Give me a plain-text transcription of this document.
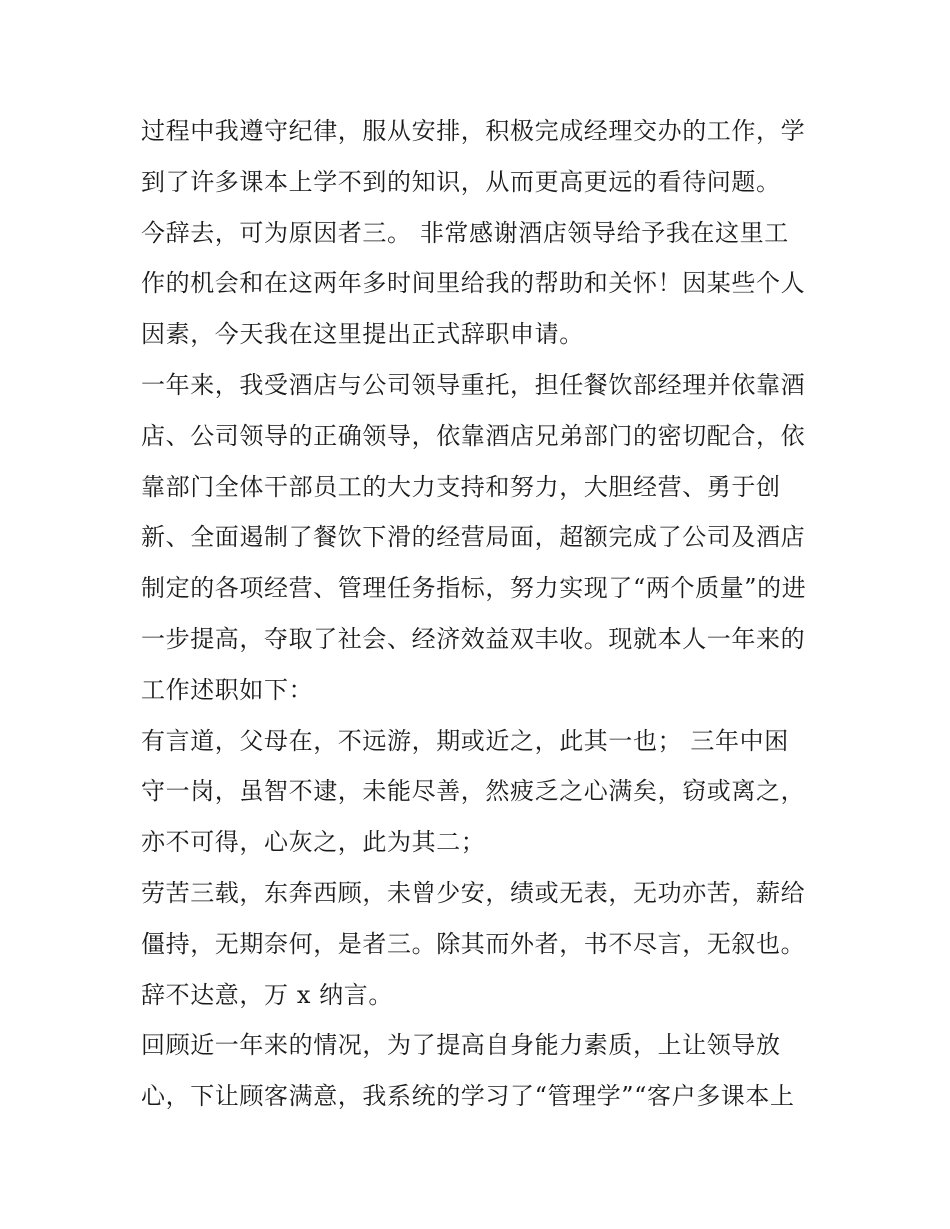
过程中我遵守纪律，服从安排，积极完成经理交办的工作，学
到了许多课本上学不到的知识，从而更高更远的看待问题。
今辞去，可为原因者三。 非常感谢酒店领导给予我在这里工
作的机会和在这两年多时间里给我的帮助和关怀！因某些个人
因素，今天我在这里提出正式辞职申请。
一年来，我受酒店与公司领导重托，担任餐饮部经理并依靠酒
店、公司领导的正确领导，依靠酒店兄弟部门的密切配合，依
靠部门全体干部员工的大力支持和努力，大胆经营、勇于创
新、全面遏制了餐饮下滑的经营局面，超额完成了公司及酒店
制定的各项经营、管理任务指标，努力实现了“两个质量”的进
一步提高，夺取了社会、经济效益双丰收。现就本人一年来的
工作述职如下：
有言道，父母在，不远游，期或近之，此其一也； 三年中困
守一岗，虽智不逮，未能尽善，然疲乏之心满矣，窃或离之，
亦不可得，心灰之，此为其二；
劳苦三载，东奔西顾，未曾少安，绩或无表，无功亦苦，薪给
僵持，无期奈何，是者三。除其而外者，书不尽言，无叙也。
辞不达意，万 x 纳言。
回顾近一年来的情况，为了提高自身能力素质，上让领导放
心，下让顾客满意，我系统的学习了“管理学”“客户多课本上
